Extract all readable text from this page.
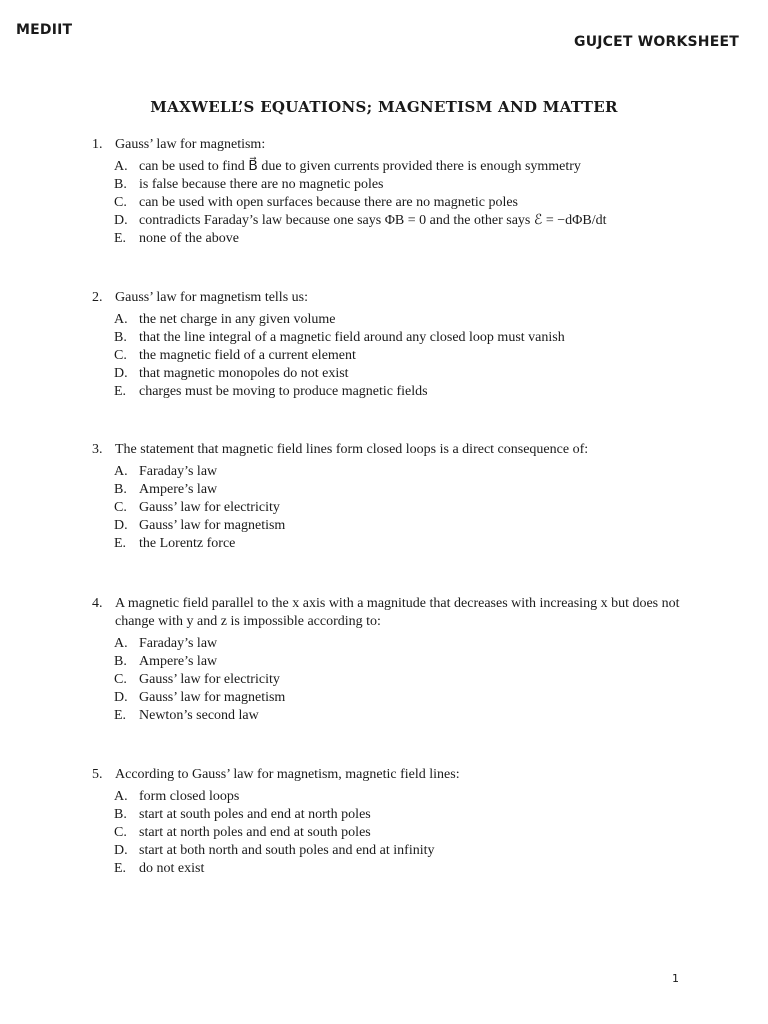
MEDIIT
GUJCET WORKSHEET
MAXWELL’S EQUATIONS; MAGNETISM AND MATTER
1. Gauss’ law for magnetism:
A. can be used to find B⃗ due to given currents provided there is enough symmetry
B. is false because there are no magnetic poles
C. can be used with open surfaces because there are no magnetic poles
D. contradicts Faraday’s law because one says ΦB = 0 and the other says ℰ = −dΦB/dt
E. none of the above
2. Gauss’ law for magnetism tells us:
A. the net charge in any given volume
B. that the line integral of a magnetic field around any closed loop must vanish
C. the magnetic field of a current element
D. that magnetic monopoles do not exist
E. charges must be moving to produce magnetic fields
3. The statement that magnetic field lines form closed loops is a direct consequence of:
A. Faraday’s law
B. Ampere’s law
C. Gauss’ law for electricity
D. Gauss’ law for magnetism
E. the Lorentz force
4. A magnetic field parallel to the x axis with a magnitude that decreases with increasing x but does not change with y and z is impossible according to:
A. Faraday’s law
B. Ampere’s law
C. Gauss’ law for electricity
D. Gauss’ law for magnetism
E. Newton’s second law
5. According to Gauss’ law for magnetism, magnetic field lines:
A. form closed loops
B. start at south poles and end at north poles
C. start at north poles and end at south poles
D. start at both north and south poles and end at infinity
E. do not exist
1
